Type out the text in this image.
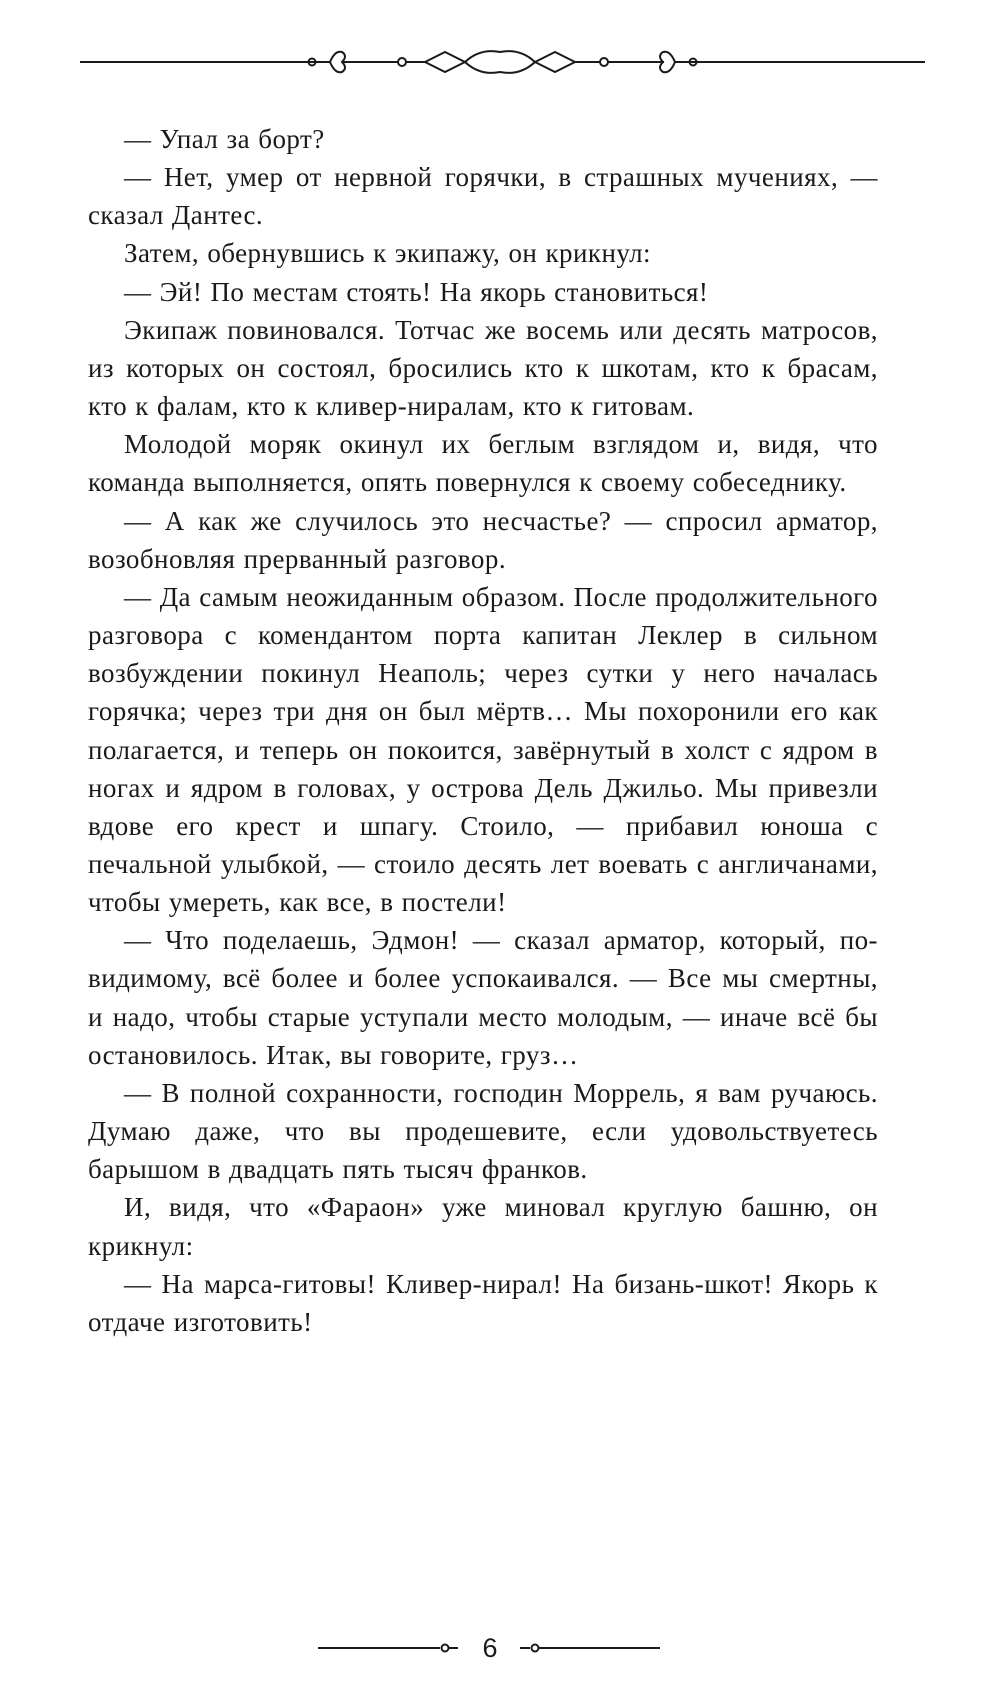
— Упал за борт?

— Нет, умер от нервной горячки, в страшных мучениях, — сказал Дантес.

Затем, обернувшись к экипажу, он крикнул:

— Эй! По местам стоять! На якорь становиться!

Экипаж повиновался. Тотчас же восемь или десять матросов, из которых он состоял, бросились кто к шкотам, кто к брасам, кто к фалам, кто к кливер-ниралам, кто к гитовам.

Молодой моряк окинул их беглым взглядом и, видя, что команда выполняется, опять повернулся к своему собеседнику.

— А как же случилось это несчастье? — спросил арматор, возобновляя прерванный разговор.

— Да самым неожиданным образом. После продолжительного разговора с комендантом порта капитан Леклер в сильном возбуждении покинул Неаполь; через сутки у него началась горячка; через три дня он был мёртв… Мы похоронили его как полагается, и теперь он покоится, завёрнутый в холст с ядром в ногах и ядром в головах, у острова Дель Джильо. Мы привезли вдове его крест и шпагу. Стоило, — прибавил юноша с печальной улыбкой, — стоило десять лет воевать с англичанами, чтобы умереть, как все, в постели!

— Что поделаешь, Эдмон! — сказал арматор, который, по-видимому, всё более и более успокаивался. — Все мы смертны, и надо, чтобы старые уступали место молодым, — иначе всё бы остановилось. Итак, вы говорите, груз…

— В полной сохранности, господин Моррель, я вам ручаюсь. Думаю даже, что вы продешевите, если удовольствуетесь барышом в двадцать пять тысяч франков.

И, видя, что «Фараон» уже миновал круглую башню, он крикнул:

— На марса-гитовы! Кливер-нирал! На бизань-шкот! Якорь к отдаче изготовить!

6
